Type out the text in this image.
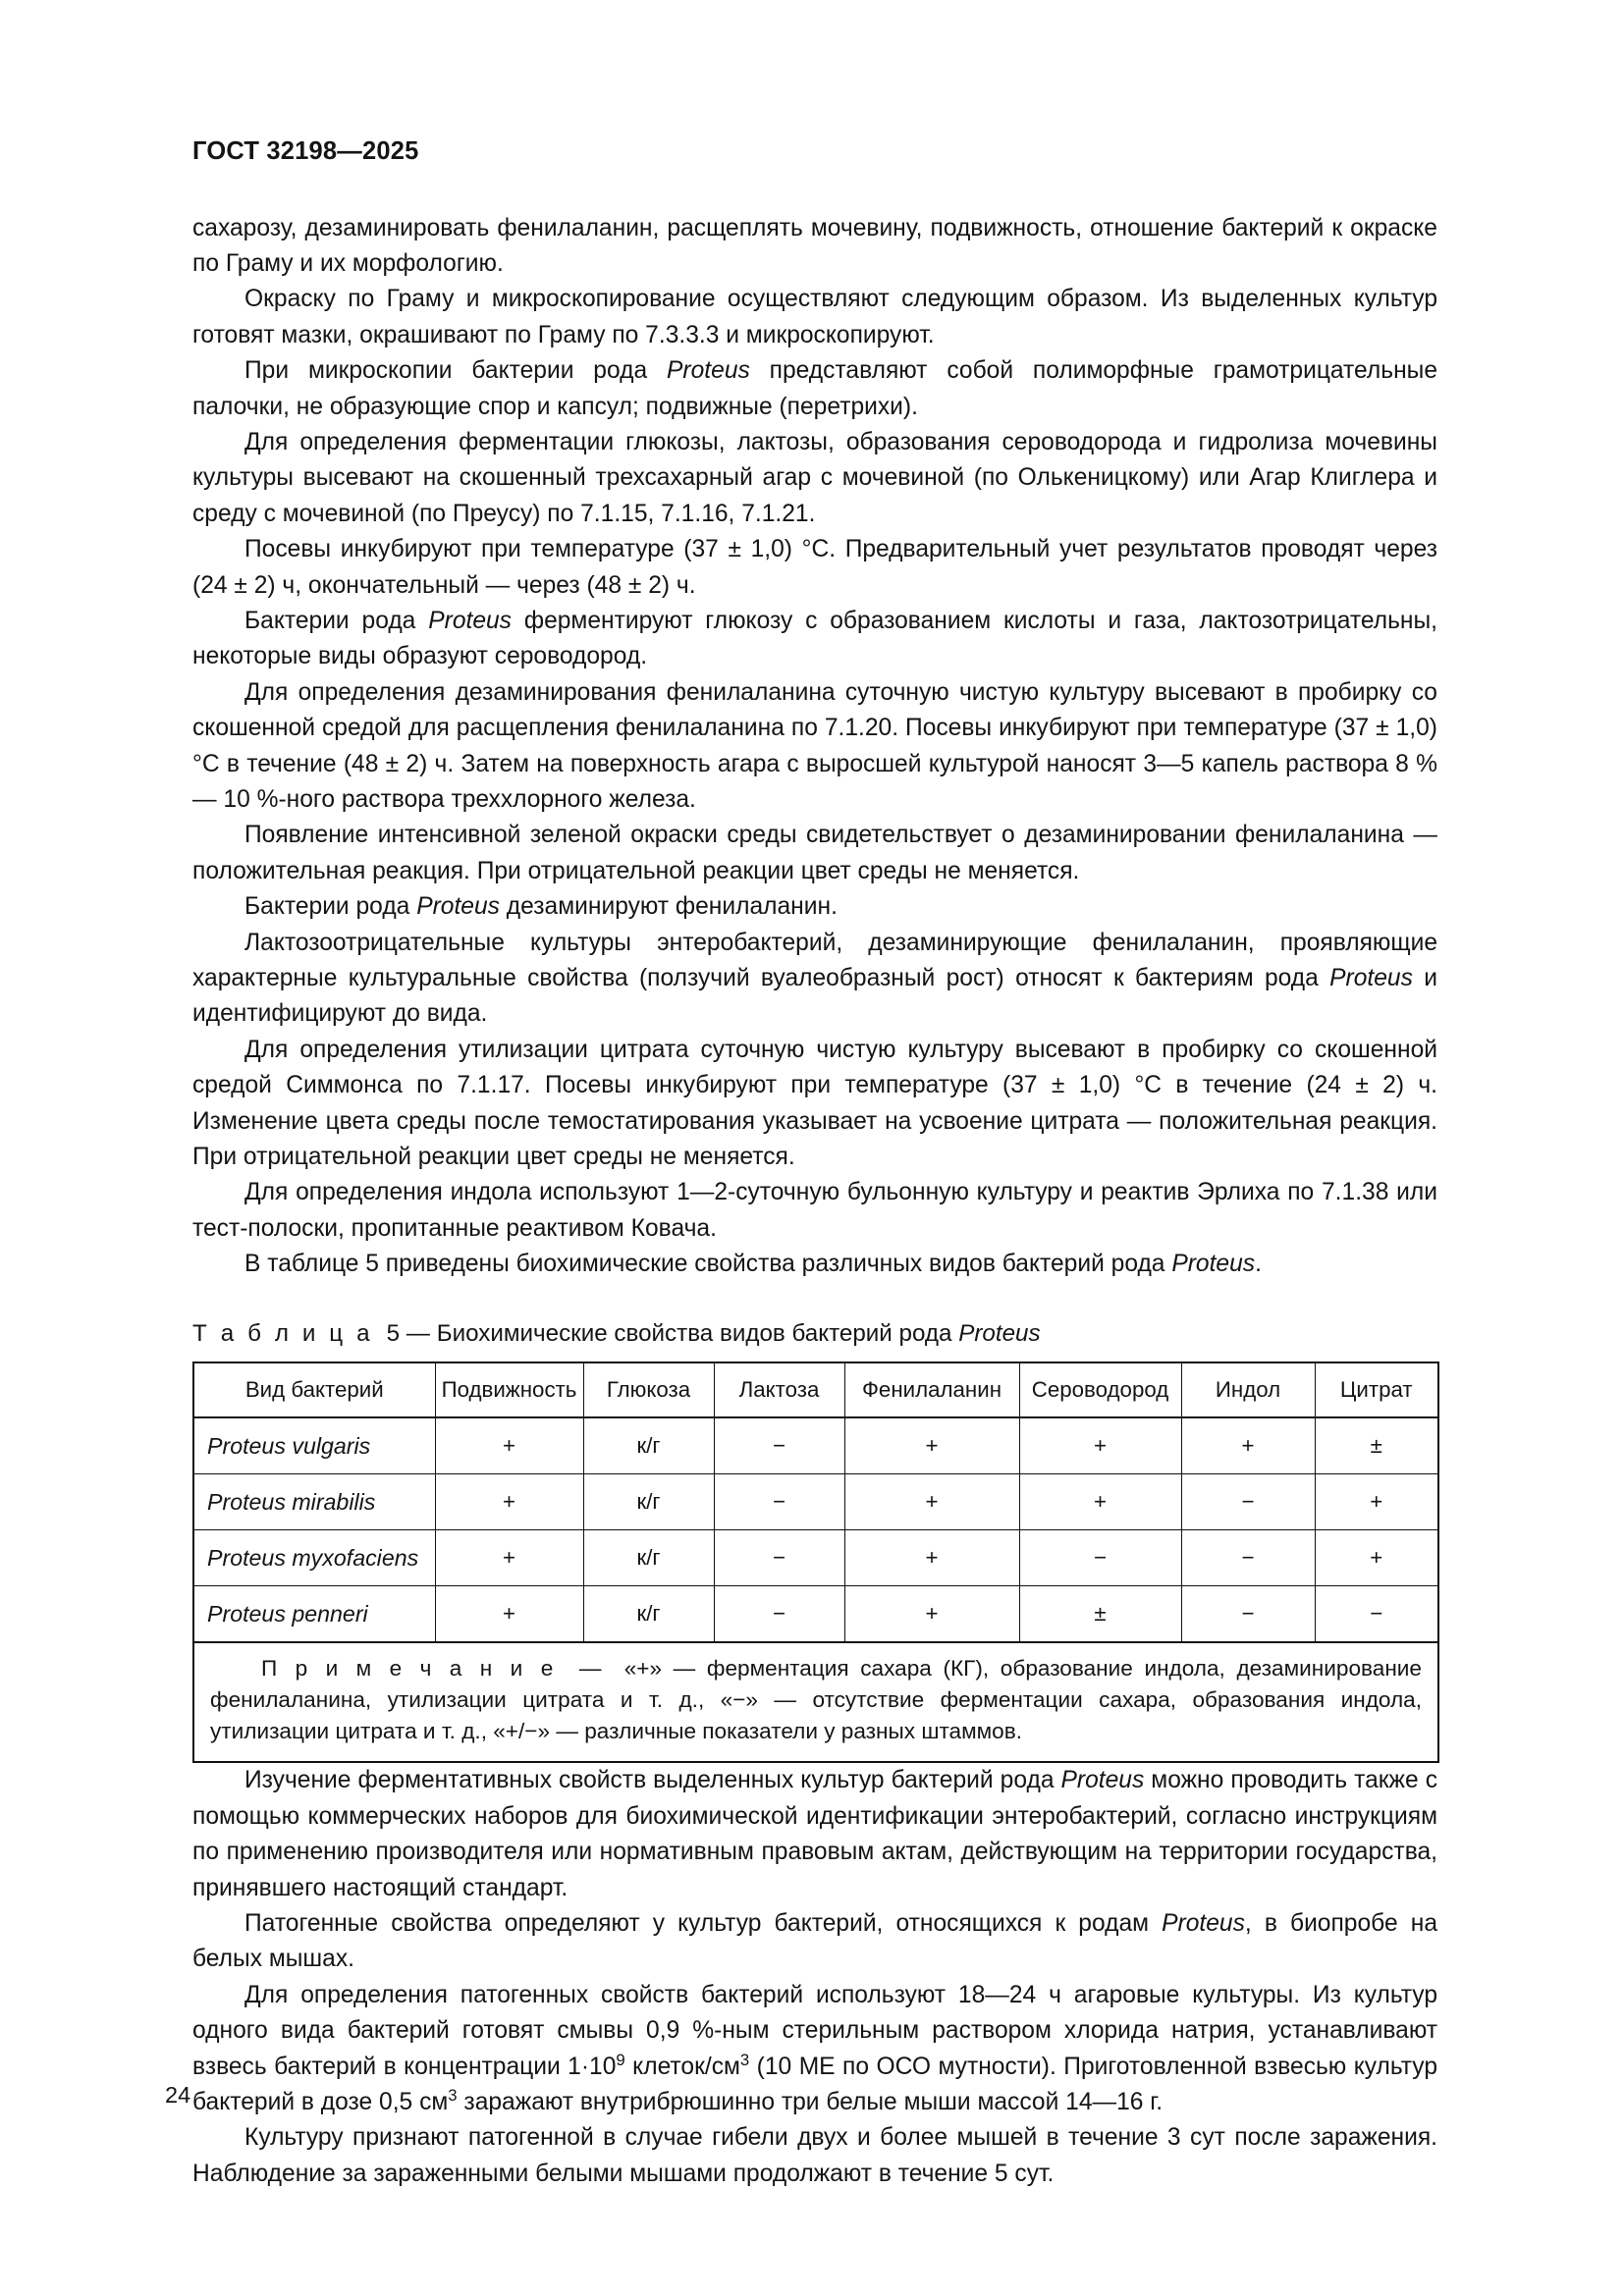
ГОСТ 32198—2025

сахарозу, дезаминировать фенилаланин, расщеплять мочевину, подвижность, отношение бактерий к окраске по Граму и их морфологию.

Окраску по Граму и микроскопирование осуществляют следующим образом. Из выделенных культур готовят мазки, окрашивают по Граму по 7.3.3.3 и микроскопируют.

При микроскопии бактерии рода Proteus представляют собой полиморфные грамотрицательные палочки, не образующие спор и капсул; подвижные (перетрихи).

Для определения ферментации глюкозы, лактозы, образования сероводорода и гидролиза мочевины культуры высевают на скошенный трехсахарный агар с мочевиной (по Олькеницкому) или Агар Клиглера и среду с мочевиной (по Преусу) по 7.1.15, 7.1.16, 7.1.21.

Посевы инкубируют при температуре (37 ± 1,0) °С. Предварительный учет результатов проводят через (24 ± 2) ч, окончательный — через (48 ± 2) ч.

Бактерии рода Proteus ферментируют глюкозу с образованием кислоты и газа, лактозотрицательны, некоторые виды образуют сероводород.

Для определения дезаминирования фенилаланина суточную чистую культуру высевают в пробирку со скошенной средой для расщепления фенилаланина по 7.1.20. Посевы инкубируют при температуре (37 ± 1,0) °С в течение (48 ± 2) ч. Затем на поверхность агара с выросшей культурой наносят 3—5 капель раствора 8 % — 10 %-ного раствора треххлорного железа.

Появление интенсивной зеленой окраски среды свидетельствует о дезаминировании фенилаланина — положительная реакция. При отрицательной реакции цвет среды не меняется.

Бактерии рода Proteus дезаминируют фенилаланин.

Лактозоотрицательные культуры энтеробактерий, дезаминирующие фенилаланин, проявляющие характерные культуральные свойства (ползучий вуалеобразный рост) относят к бактериям рода Proteus и идентифицируют до вида.

Для определения утилизации цитрата суточную чистую культуру высевают в пробирку со скошенной средой Симмонса по 7.1.17. Посевы инкубируют при температуре (37 ± 1,0) °С в течение (24 ± 2) ч. Изменение цвета среды после темостатирования указывает на усвоение цитрата — положительная реакция. При отрицательной реакции цвет среды не меняется.

Для определения индола используют 1—2-суточную бульонную культуру и реактив Эрлиха по 7.1.38 или тест-полоски, пропитанные реактивом Ковача.

В таблице 5 приведены биохимические свойства различных видов бактерий рода Proteus.

Т а б л и ц а 5 — Биохимические свойства видов бактерий рода Proteus
Вид бактерий	Подвижность	Глюкоза	Лактоза	Фенилаланин	Сероводород	Индол	Цитрат
Proteus vulgaris	+	к/г	−	+	+	+	±
Proteus mirabilis	+	к/г	−	+	+	−	+
Proteus myxofaciens	+	к/г	−	+	−	−	+
Proteus penneri	+	к/г	−	+	±	−	−

П р и м е ч а н и е — «+» — ферментация сахара (КГ), образование индола, дезаминирование фенилаланина, утилизации цитрата и т. д., «−» — отсутствие ферментации сахара, образования индола, утилизации цитрата и т. д., «+/−» — различные показатели у разных штаммов.							

Изучение ферментативных свойств выделенных культур бактерий рода Proteus можно проводить также с помощью коммерческих наборов для биохимической идентификации энтеробактерий, согласно инструкциям по применению производителя или нормативным правовым актам, действующим на территории государства, принявшего настоящий стандарт.

Патогенные свойства определяют у культур бактерий, относящихся к родам Proteus, в биопробе на белых мышах.

Для определения патогенных свойств бактерий используют 18—24 ч агаровые культуры. Из культур одного вида бактерий готовят смывы 0,9 %-ным стерильным раствором хлорида натрия, устанавливают взвесь бактерий в концентрации $1\cdot 10^9$ клеток/$см^3$ (10 МЕ по ОСО мутности). Приготовленной взвесью культур бактерий в дозе 0,5 $см^3$ заражают внутрибрюшинно три белые мыши массой 14—16 г.

Культуру признают патогенной в случае гибели двух и более мышей в течение 3 сут после заражения. Наблюдение за зараженными белыми мышами продолжают в течение 5 сут.

24
